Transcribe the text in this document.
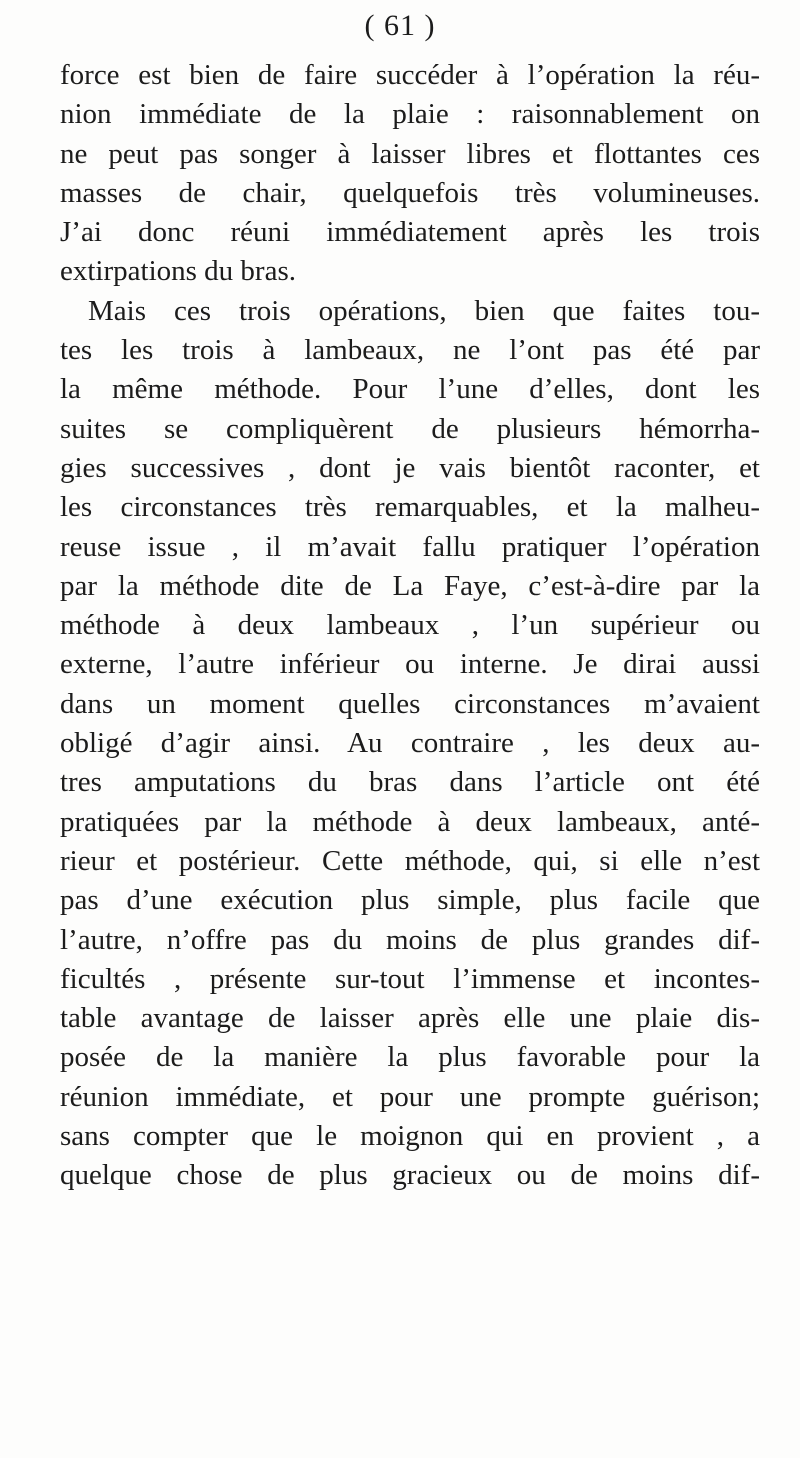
( 61 )
force est bien de faire succéder à l’opération la réu-
nion immédiate de la plaie : raisonnablement on
ne peut pas songer à laisser libres et flottantes ces
masses de chair, quelquefois très volumineuses.
J’ai donc réuni immédiatement après les trois
extirpations du bras.
Mais ces trois opérations, bien que faites tou-
tes les trois à lambeaux, ne l’ont pas été par
la même méthode. Pour l’une d’elles, dont les
suites se compliquèrent de plusieurs hémorrha-
gies successives , dont je vais bientôt raconter, et
les circonstances très remarquables, et la malheu-
reuse issue , il m’avait fallu pratiquer l’opération
par la méthode dite de La Faye, c’est-à-dire par la
méthode à deux lambeaux , l’un supérieur ou
externe, l’autre inférieur ou interne. Je dirai aussi
dans un moment quelles circonstances m’avaient
obligé d’agir ainsi. Au contraire , les deux au-
tres amputations du bras dans l’article ont été
pratiquées par la méthode à deux lambeaux, anté-
rieur et postérieur. Cette méthode, qui, si elle n’est
pas d’une exécution plus simple, plus facile que
l’autre, n’offre pas du moins de plus grandes dif-
ficultés , présente sur-tout l’immense et incontes-
table avantage de laisser après elle une plaie dis-
posée de la manière la plus favorable pour la
réunion immédiate, et pour une prompte guérison;
sans compter que le moignon qui en provient , a
quelque chose de plus gracieux ou de moins dif-
